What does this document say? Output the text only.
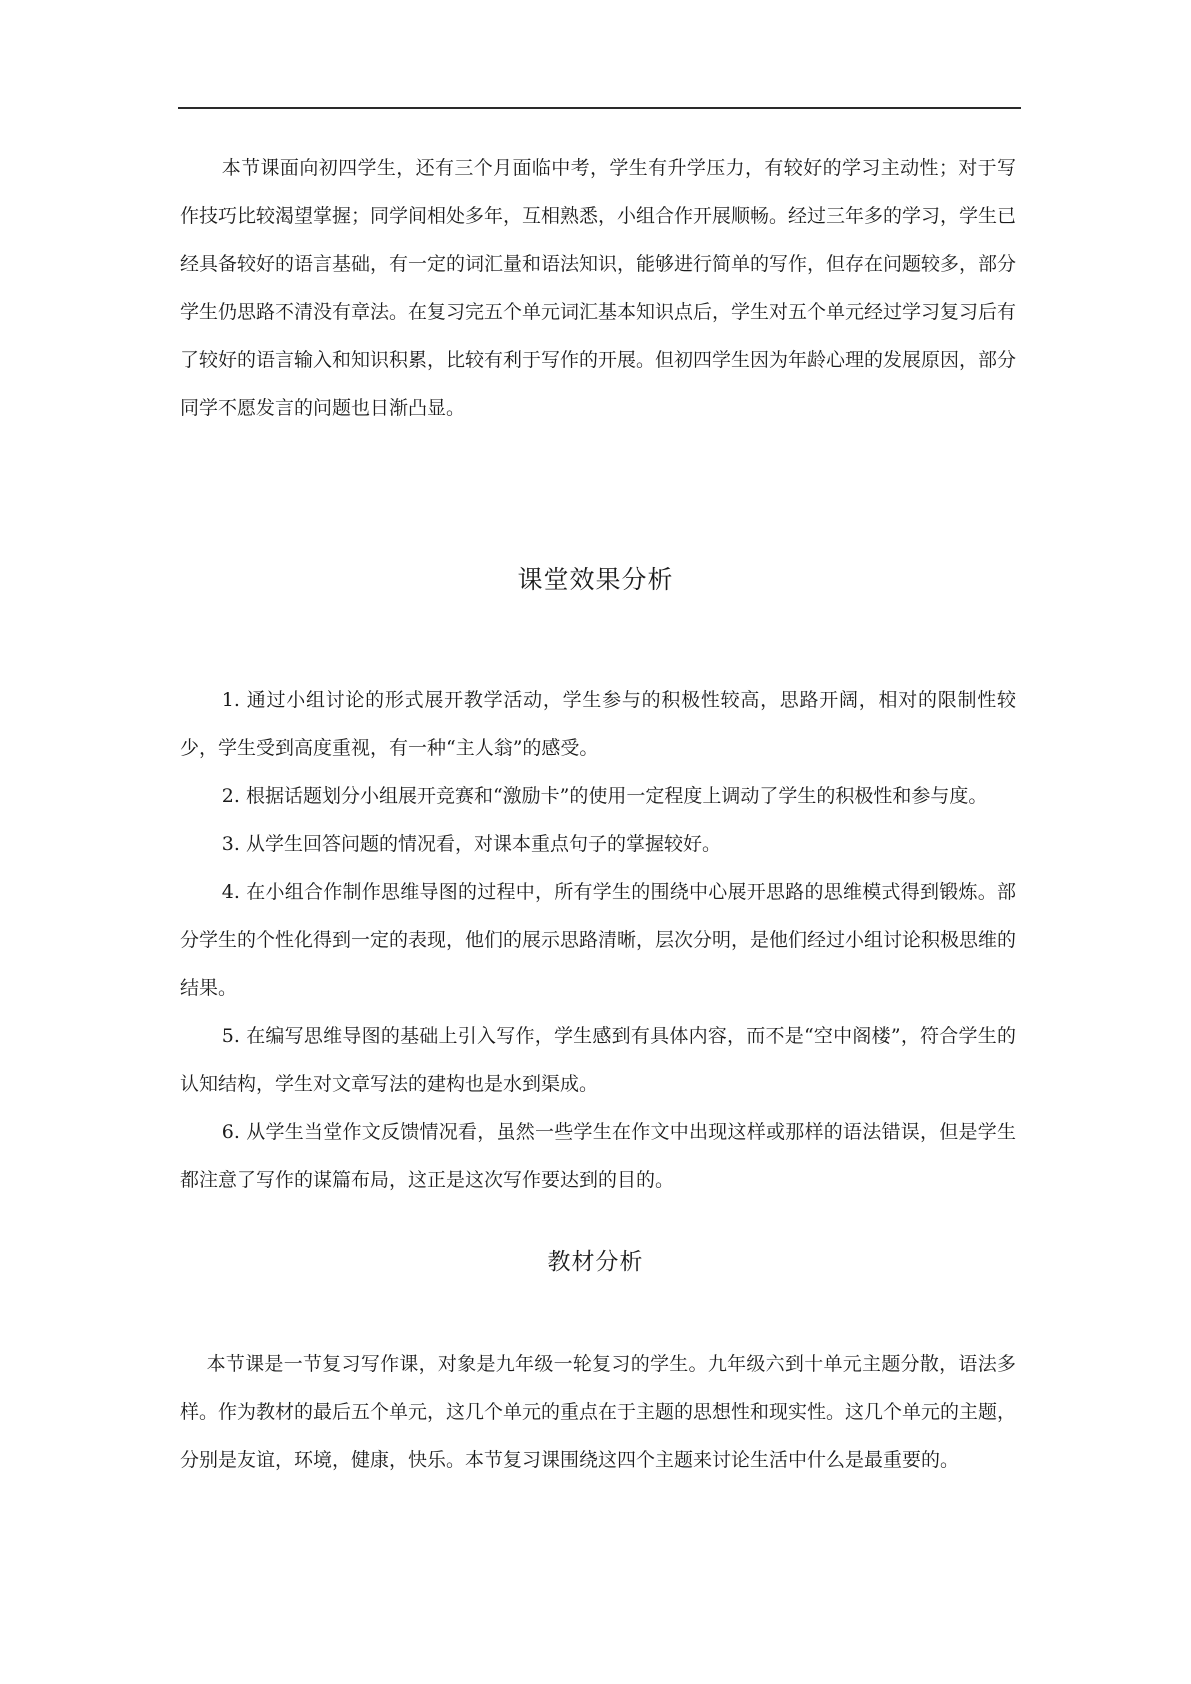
本节课面向初四学生，还有三个月面临中考，学生有升学压力，有较好的学习主动性；对于写作技巧比较渴望掌握；同学间相处多年，互相熟悉，小组合作开展顺畅。经过三年多的学习，学生已经具备较好的语言基础，有一定的词汇量和语法知识，能够进行简单的写作，但存在问题较多，部分学生仍思路不清没有章法。在复习完五个单元词汇基本知识点后，学生对五个单元经过学习复习后有了较好的语言输入和知识积累，比较有利于写作的开展。但初四学生因为年龄心理的发展原因，部分同学不愿发言的问题也日渐凸显。

课堂效果分析

1. 通过小组讨论的形式展开教学活动，学生参与的积极性较高，思路开阔，相对的限制性较少，学生受到高度重视，有一种“主人翁”的感受。

2. 根据话题划分小组展开竞赛和“激励卡”的使用一定程度上调动了学生的积极性和参与度。

3. 从学生回答问题的情况看，对课本重点句子的掌握较好。

4. 在小组合作制作思维导图的过程中，所有学生的围绕中心展开思路的思维模式得到锻炼。部分学生的个性化得到一定的表现，他们的展示思路清晰，层次分明，是他们经过小组讨论积极思维的结果。

5. 在编写思维导图的基础上引入写作，学生感到有具体内容，而不是“空中阁楼”，符合学生的认知结构，学生对文章写法的建构也是水到渠成。

6. 从学生当堂作文反馈情况看，虽然一些学生在作文中出现这样或那样的语法错误，但是学生都注意了写作的谋篇布局，这正是这次写作要达到的目的。

教材分析

本节课是一节复习写作课，对象是九年级一轮复习的学生。九年级六到十单元主题分散，语法多样。作为教材的最后五个单元，这几个单元的重点在于主题的思想性和现实性。这几个单元的主题，分别是友谊，环境，健康，快乐。本节复习课围绕这四个主题来讨论生活中什么是最重要的。
